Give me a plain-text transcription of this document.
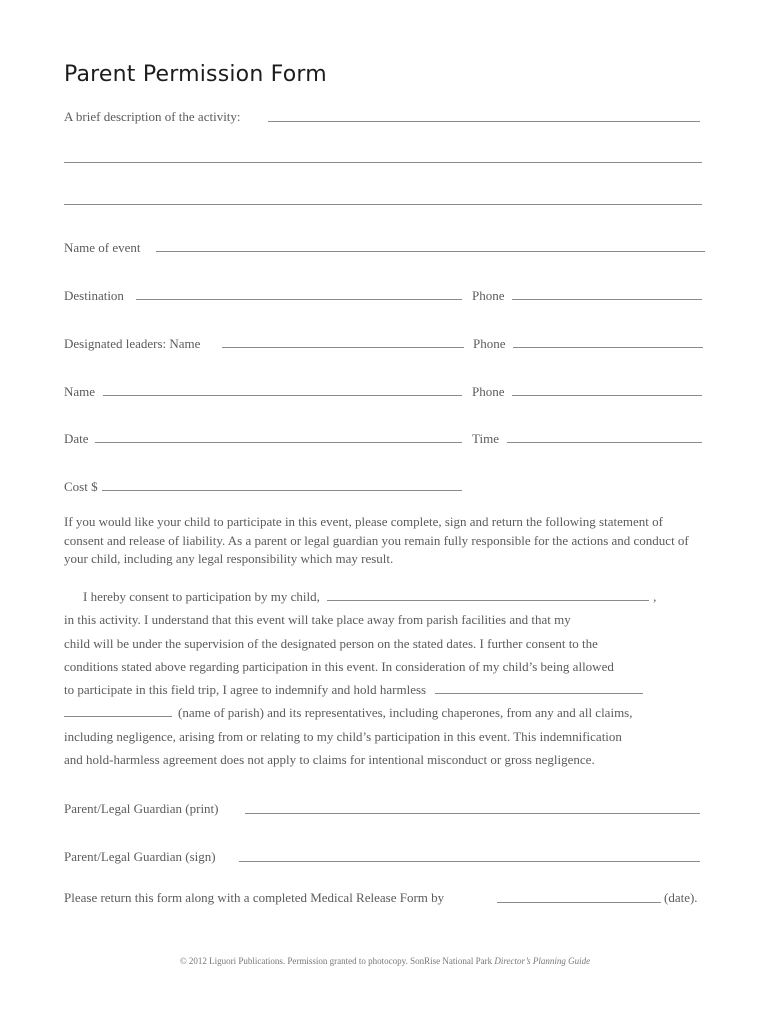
Parent Permission Form
A brief description of the activity:
Name of event
Destination	Phone
Designated leaders: Name	Phone
Name	Phone
Date	Time
Cost $

If you would like your child to participate in this event, please complete, sign and return the following statement of consent and release of liability. As a parent or legal guardian you remain fully responsible for the actions and conduct of your child, including any legal responsibility which may result.

I hereby consent to participation by my child,	,
in this activity. I understand that this event will take place away from parish facilities and that my
child will be under the supervision of the designated person on the stated dates. I further consent to the
conditions stated above regarding participation in this event. In consideration of my child’s being allowed
to participate in this field trip, I agree to indemnify and hold harmless
(name of parish) and its representatives, including chaperones, from any and all claims,
including negligence, arising from or relating to my child’s participation in this event. This indemnification
and hold-harmless agreement does not apply to claims for intentional misconduct or gross negligence.
Parent/Legal Guardian (print)
Parent/Legal Guardian (sign)
Please return this form along with a completed Medical Release Form by	(date).
© 2012 Liguori Publications. Permission granted to photocopy. SonRise National Park Director’s Planning Guide
